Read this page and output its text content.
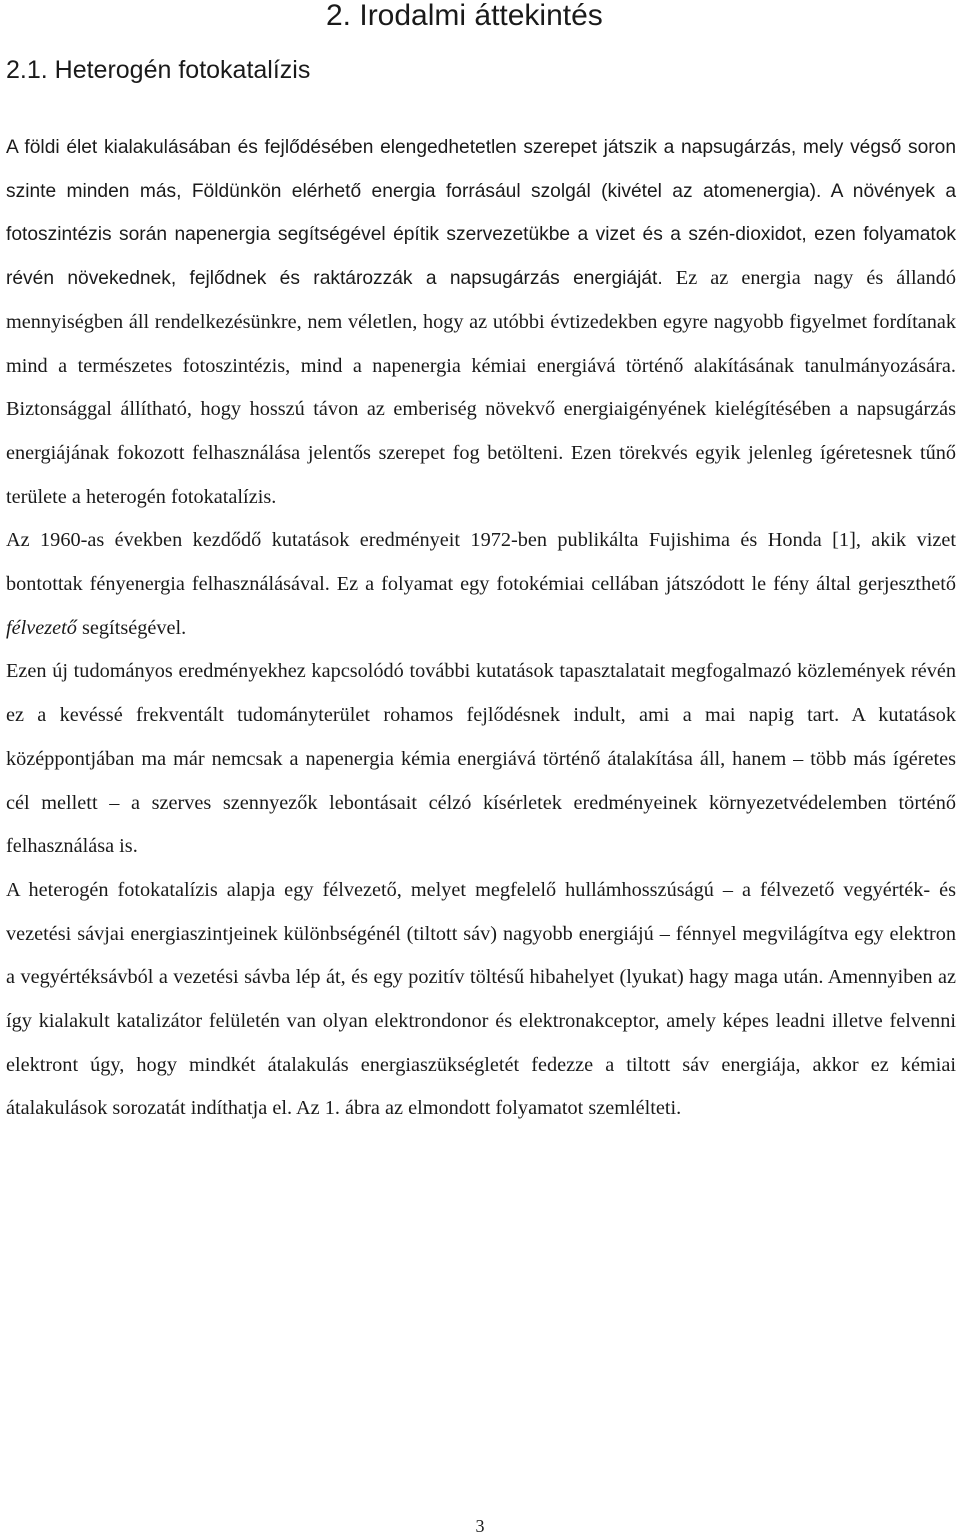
2. Irodalmi áttekintés
2.1. Heterogén fotokatalízis

A földi élet kialakulásában és fejlődésében elengedhetetlen szerepet játszik a napsugárzás, mely végső soron szinte minden más, Földünkön elérhető energia forrásául szolgál (kivétel az atomenergia). A növények a fotoszintézis során napenergia segítségével építik szervezetükbe a vizet és a szén-dioxidot, ezen folyamatok révén növekednek, fejlődnek és raktározzák a napsugárzás energiáját. Ez az energia nagy és állandó mennyiségben áll rendelkezésünkre, nem véletlen, hogy az utóbbi évtizedekben egyre nagyobb figyelmet fordítanak mind a természetes fotoszintézis, mind a napenergia kémiai energiává történő alakításának tanulmányozására. Biztonsággal állítható, hogy hosszú távon az emberiség növekvő energiaigényének kielégítésében a napsugárzás energiájának fokozott felhasználása jelentős szerepet fog betölteni. Ezen törekvés egyik jelenleg ígéretesnek tűnő területe a heterogén fotokatalízis.

Az 1960-as években kezdődő kutatások eredményeit 1972-ben publikálta Fujishima és Honda [1], akik vizet bontottak fényenergia felhasználásával. Ez a folyamat egy fotokémiai cellában játszódott le fény által gerjeszthető félvezető segítségével.

Ezen új tudományos eredményekhez kapcsolódó további kutatások tapasztalatait megfogalmazó közlemények révén ez a kevéssé frekventált tudományterület rohamos fejlődésnek indult, ami a mai napig tart. A kutatások középpontjában ma már nemcsak a napenergia kémia energiává történő átalakítása áll, hanem – több más ígéretes cél mellett – a szerves szennyezők lebontásait célzó kísérletek eredményeinek környezetvédelemben történő felhasználása is.

A heterogén fotokatalízis alapja egy félvezető, melyet megfelelő hullámhosszúságú – a félvezető vegyérték- és vezetési sávjai energiaszintjeinek különbségénél (tiltott sáv) nagyobb energiájú – fénnyel megvilágítva egy elektron a vegyértéksávból a vezetési sávba lép át, és egy pozitív töltésű hibahelyet (lyukat) hagy maga után. Amennyiben az így kialakult katalizátor felületén van olyan elektrondonor és elektronakceptor, amely képes leadni illetve felvenni elektront úgy, hogy mindkét átalakulás energiaszükségletét fedezze a tiltott sáv energiája, akkor ez kémiai átalakulások sorozatát indíthatja el. Az 1. ábra az elmondott folyamatot szemlélteti.

3
